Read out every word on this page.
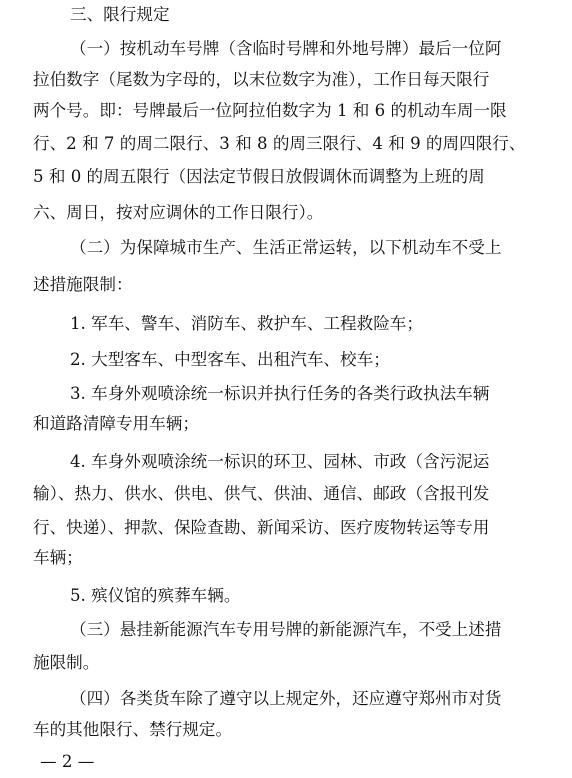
三、限行规定
（一）按机动车号牌（含临时号牌和外地号牌）最后一位阿
拉伯数字（尾数为字母的，以末位数字为准），工作日每天限行
两个号。即：号牌最后一位阿拉伯数字为 1 和 6 的机动车周一限
行、2 和 7 的周二限行、3 和 8 的周三限行、4 和 9 的周四限行、
5 和 0 的周五限行（因法定节假日放假调休而调整为上班的周
六、周日，按对应调休的工作日限行）。
（二）为保障城市生产、生活正常运转，以下机动车不受上
述措施限制：
1. 军车、警车、消防车、救护车、工程救险车；
2. 大型客车、中型客车、出租汽车、校车；
3. 车身外观喷涂统一标识并执行任务的各类行政执法车辆
和道路清障专用车辆；
4. 车身外观喷涂统一标识的环卫、园林、市政（含污泥运
输）、热力、供水、供电、供气、供油、通信、邮政（含报刊发
行、快递）、押款、保险查勘、新闻采访、医疗废物转运等专用
车辆；
5. 殡仪馆的殡葬车辆。
（三）悬挂新能源汽车专用号牌的新能源汽车，不受上述措
施限制。
（四）各类货车除了遵守以上规定外，还应遵守郑州市对货
车的其他限行、禁行规定。
— 2 —
